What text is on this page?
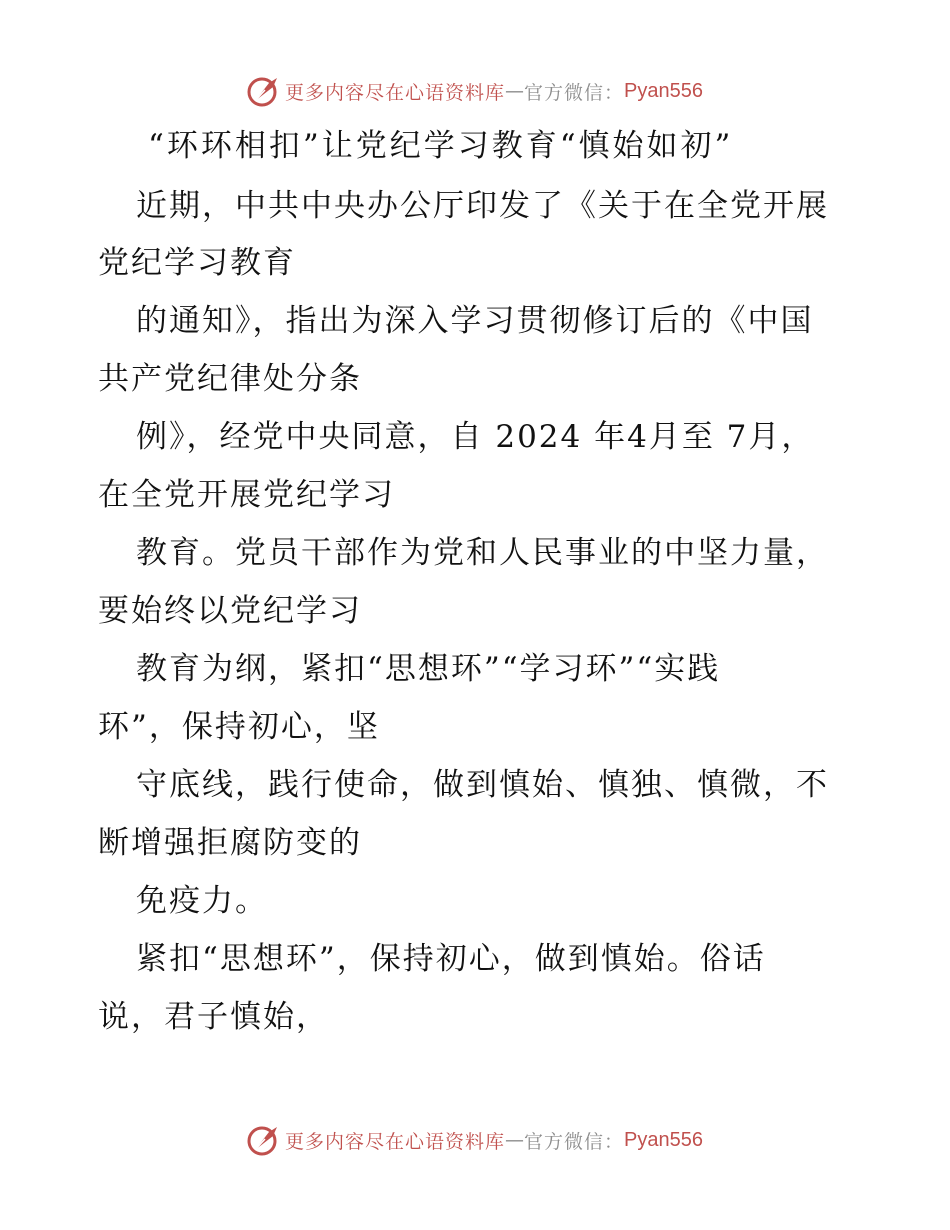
更多内容尽在心语资料库 — 官方微信： Pyan556
“环环相扣”让党纪学习教育“慎始如初”
近期，中共中央办公厅印发了《关于在全党开展
党纪学习教育
的通知》，指出为深入学习贯彻修订后的《中国
共产党纪律处分条
例》，经党中央同意，自 2024 年4月至 7月，
在全党开展党纪学习
教育。党员干部作为党和人民事业的中坚力量，
要始终以党纪学习
教育为纲，紧扣“思想环”“学习环”“实践
环”，保持初心，坚
守底线，践行使命，做到慎始、慎独、慎微，不
断增强拒腐防变的
免疫力。
紧扣“思想环”，保持初心，做到慎始。俗话
说，君子慎始，
更多内容尽在心语资料库 — 官方微信： Pyan556
